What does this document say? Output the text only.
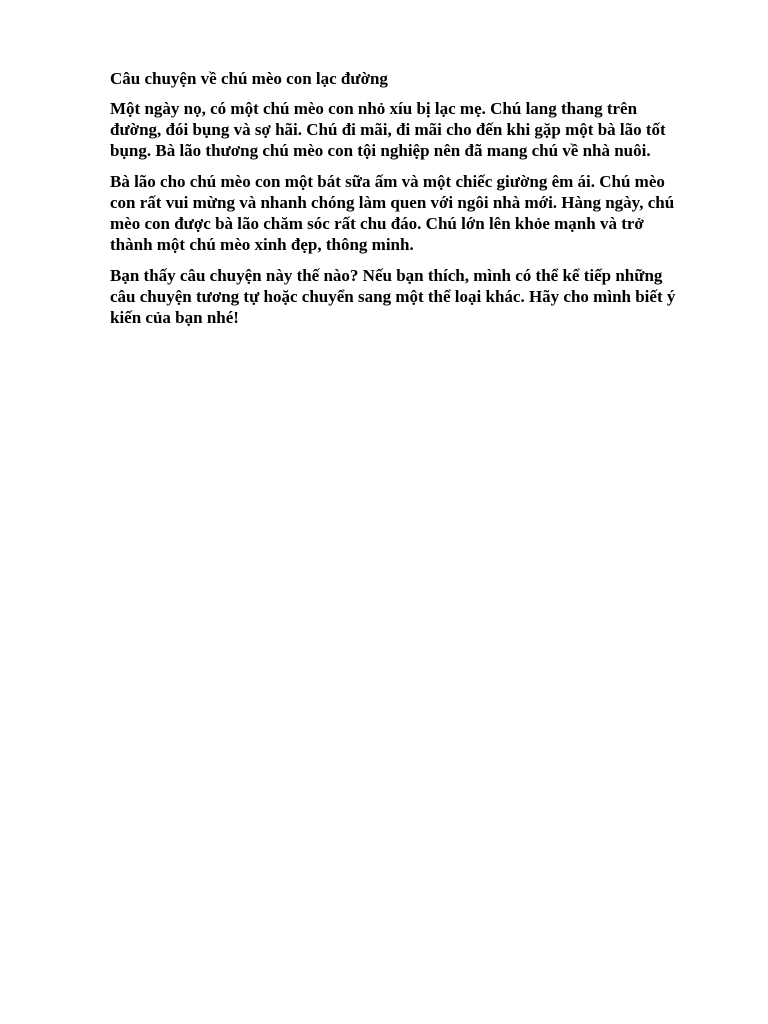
Câu chuyện về chú mèo con lạc đường

Một ngày nọ, có một chú mèo con nhỏ xíu bị lạc mẹ. Chú lang thang trên đường, đói bụng và sợ hãi. Chú đi mãi, đi mãi cho đến khi gặp một bà lão tốt bụng. Bà lão thương chú mèo con tội nghiệp nên đã mang chú về nhà nuôi.

Bà lão cho chú mèo con một bát sữa ấm và một chiếc giường êm ái. Chú mèo con rất vui mừng và nhanh chóng làm quen với ngôi nhà mới. Hàng ngày, chú mèo con được bà lão chăm sóc rất chu đáo. Chú lớn lên khỏe mạnh và trở thành một chú mèo xinh đẹp, thông minh.

Bạn thấy câu chuyện này thế nào? Nếu bạn thích, mình có thể kể tiếp những câu chuyện tương tự hoặc chuyển sang một thể loại khác. Hãy cho mình biết ý kiến của bạn nhé!
